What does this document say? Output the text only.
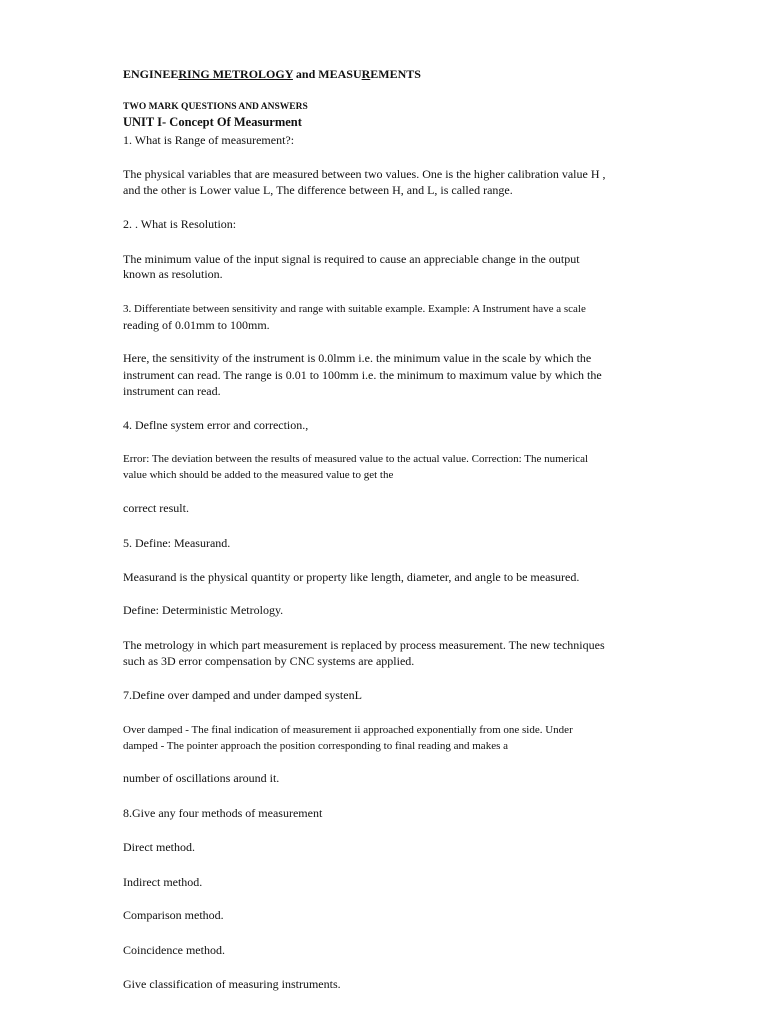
ENGINEERING METROLOGY and MEASUREMENTS
TWO MARK QUESTIONS AND ANSWERS
UNIT I- Concept Of Measurment
1. What is Range of measurement?:
The physical variables that are measured between two values. One is the higher calibration value H ,
and the other is Lower value L, The difference between H, and L, is called range.
2. . What is Resolution:
The minimum value of the input signal is required to cause an appreciable change in the output
known as resolution.
3. Differentiate between sensitivity and range with suitable example. Example: A Instrument have a scale
reading of 0.01mm to 100mm.
Here, the sensitivity of the instrument is 0.0lmm i.e. the minimum value in the scale by which the
instrument can read. The range is 0.01 to 100mm i.e. the minimum to maximum value by which the
instrument can read.
4. Deflne system error and correction.,
Error: The deviation between the results of measured value to the actual value. Correction: The numerical
value which should be added to the measured value to get the
correct result.
5. Define: Measurand.
Measurand is the physical quantity or property like length, diameter, and angle to be measured.
Define: Deterministic Metrology.
The metrology in which part measurement is replaced by process measurement. The new techniques
such as 3D error compensation by CNC systems are applied.
7.Define over damped and under damped systenL
Over damped - The final indication of measurement ii approached exponentially from one side. Under
damped - The pointer approach the position corresponding to final reading and makes a
number of oscillations around it.
8.Give any four methods of measurement
Direct method.
Indirect method.
Comparison method.
Coincidence method.
Give classification of measuring instruments.
